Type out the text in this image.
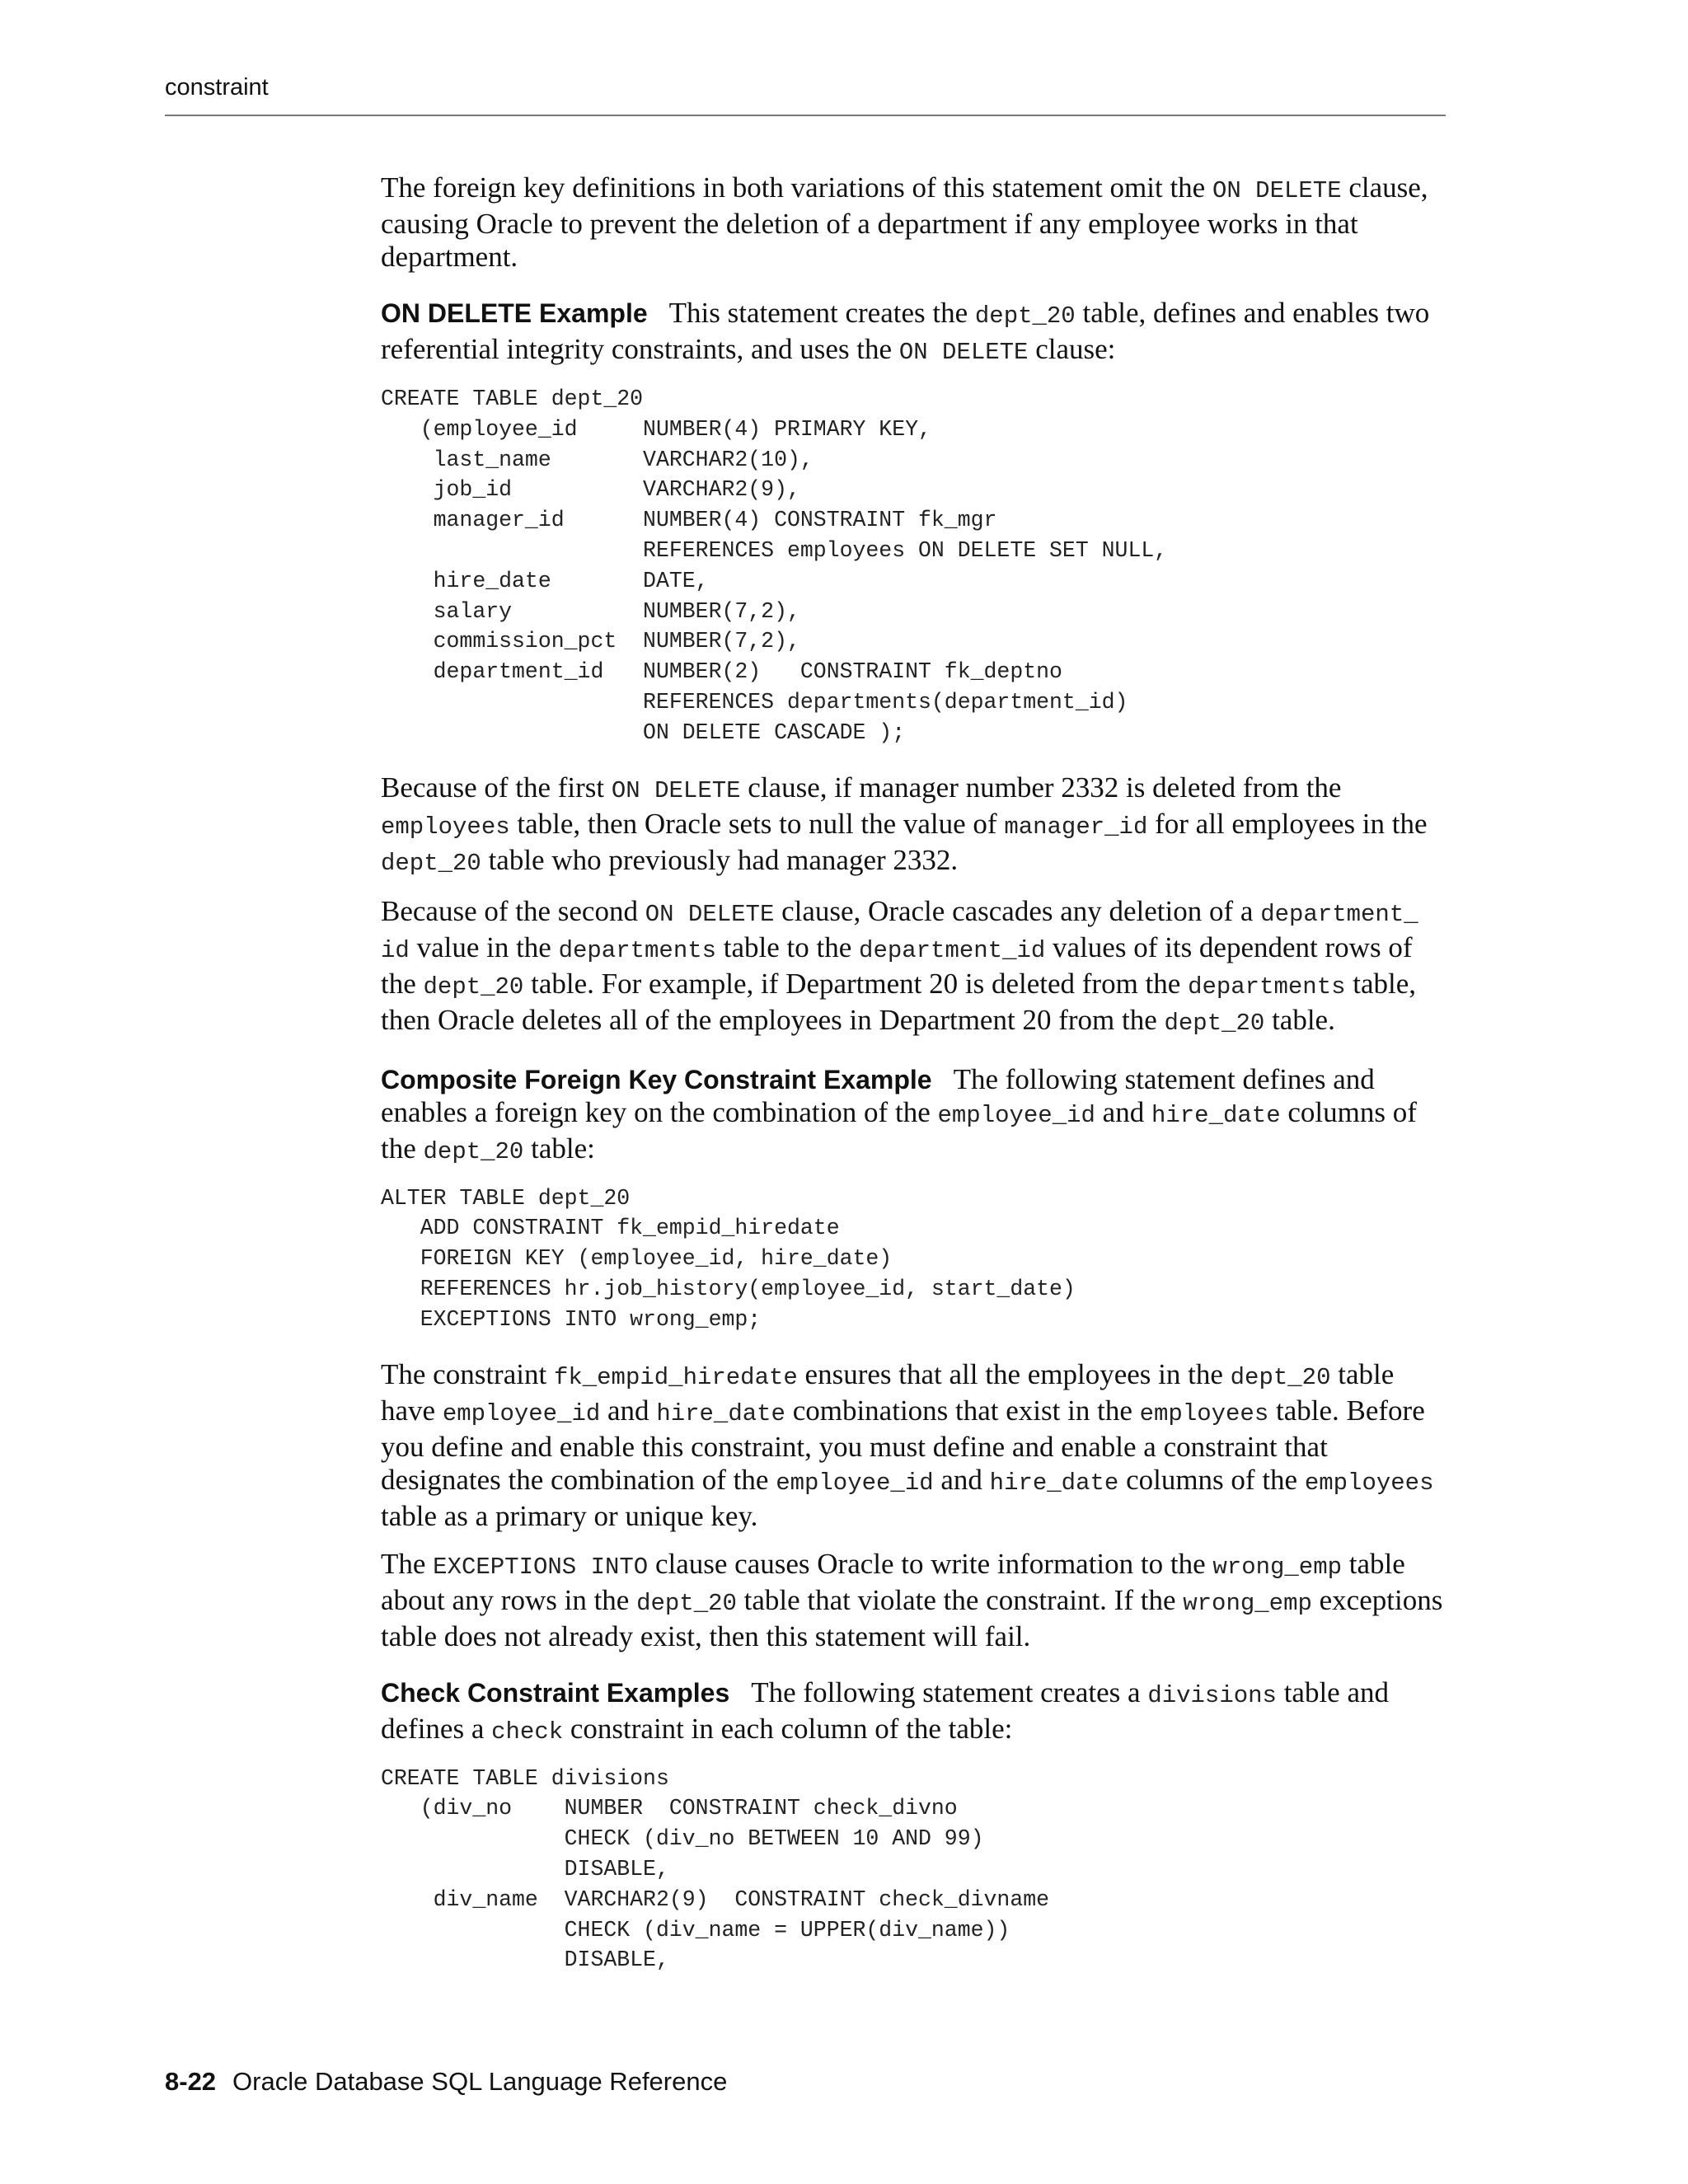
constraint

The foreign key definitions in both variations of this statement omit the ON DELETE clause, causing Oracle to prevent the deletion of a department if any employee works in that department.

ON DELETE Example This statement creates the dept_20 table, defines and enables two referential integrity constraints, and uses the ON DELETE clause:

CREATE TABLE dept_20
(employee_id     NUMBER(4) PRIMARY KEY,
last_name       VARCHAR2(10),
job_id          VARCHAR2(9),
manager_id      NUMBER(4) CONSTRAINT fk_mgr
REFERENCES employees ON DELETE SET NULL,
hire_date       DATE,
salary          NUMBER(7,2),
commission_pct  NUMBER(7,2),
department_id   NUMBER(2)   CONSTRAINT fk_deptno
REFERENCES departments(department_id)
ON DELETE CASCADE );

Because of the first ON DELETE clause, if manager number 2332 is deleted from the employees table, then Oracle sets to null the value of manager_id for all employees in the dept_20 table who previously had manager 2332.

Because of the second ON DELETE clause, Oracle cascades any deletion of a department_
id value in the departments table to the department_id values of its dependent rows of the dept_20 table. For example, if Department 20 is deleted from the departments table, then Oracle deletes all of the employees in Department 20 from the dept_20 table.

Composite Foreign Key Constraint Example The following statement defines and enables a foreign key on the combination of the employee_id and hire_date columns of the dept_20 table:

ALTER TABLE dept_20
ADD CONSTRAINT fk_empid_hiredate
FOREIGN KEY (employee_id, hire_date)
REFERENCES hr.job_history(employee_id, start_date)
EXCEPTIONS INTO wrong_emp;

The constraint fk_empid_hiredate ensures that all the employees in the dept_20 table have employee_id and hire_date combinations that exist in the employees table. Before you define and enable this constraint, you must define and enable a constraint that designates the combination of the employee_id and hire_date columns of the employees table as a primary or unique key.

The EXCEPTIONS INTO clause causes Oracle to write information to the wrong_emp table about any rows in the dept_20 table that violate the constraint. If the wrong_emp exceptions table does not already exist, then this statement will fail.

Check Constraint Examples The following statement creates a divisions table and defines a check constraint in each column of the table:

CREATE TABLE divisions
(div_no    NUMBER  CONSTRAINT check_divno
CHECK (div_no BETWEEN 10 AND 99)
DISABLE,
div_name  VARCHAR2(9)  CONSTRAINT check_divname
CHECK (div_name = UPPER(div_name))
DISABLE,
8-22 Oracle Database SQL Language Reference
